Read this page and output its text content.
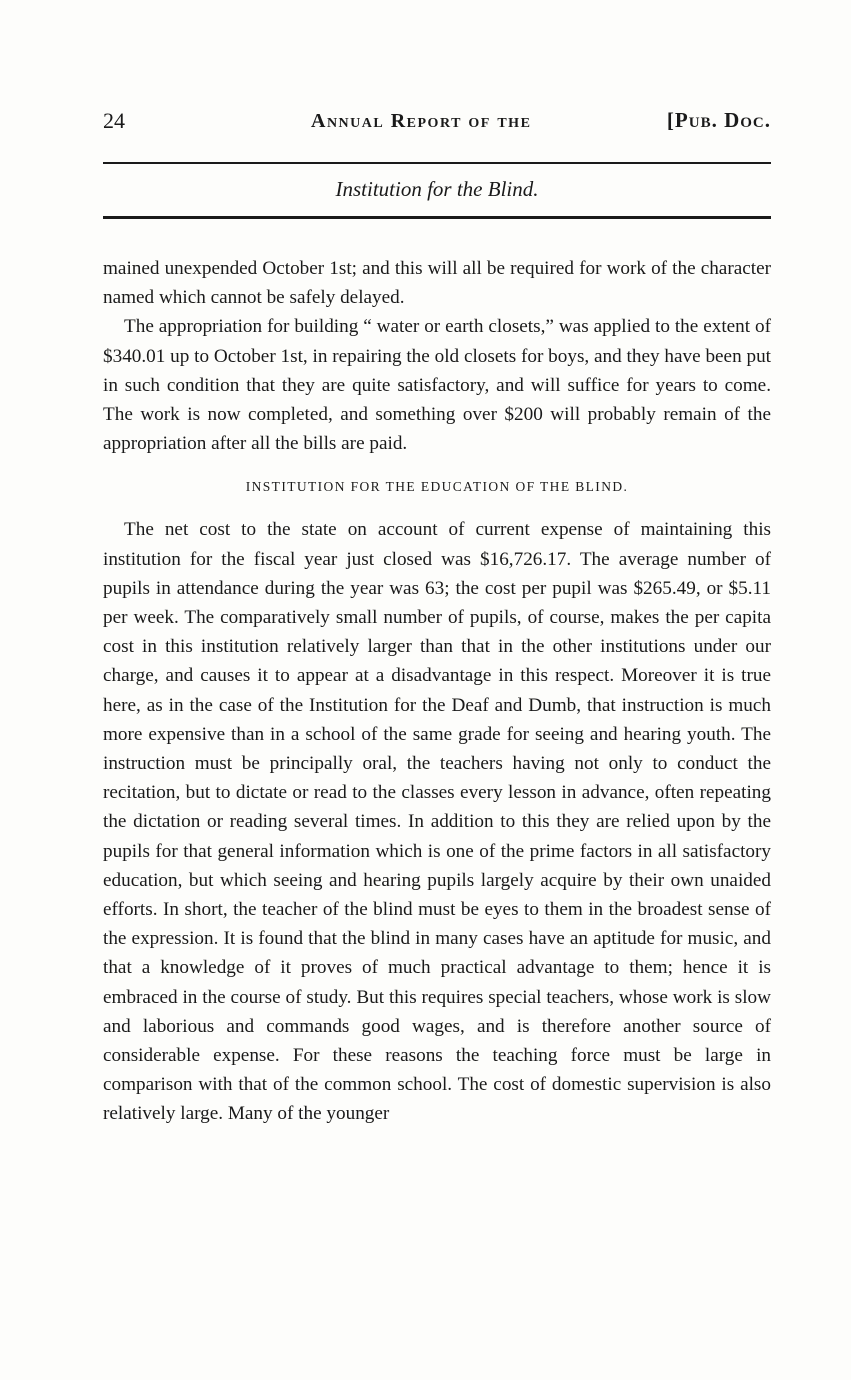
24	Annual Report of the	[Pub. Doc.
Institution for the Blind.

mained unexpended October 1st; and this will all be required for work of the character named which cannot be safely delayed.

The appropriation for building “ water or earth closets,” was applied to the extent of $340.01 up to October 1st, in repairing the old closets for boys, and they have been put in such condition that they are quite satisfactory, and will suffice for years to come. The work is now completed, and something over $200 will probably remain of the appropriation after all the bills are paid.

INSTITUTION FOR THE EDUCATION OF THE BLIND.

The net cost to the state on account of current expense of maintaining this institution for the fiscal year just closed was $16,726.17. The average number of pupils in attendance during the year was 63; the cost per pupil was $265.49, or $5.11 per week. The comparatively small number of pupils, of course, makes the per capita cost in this institution relatively larger than that in the other institutions under our charge, and causes it to appear at a disadvantage in this respect. Moreover it is true here, as in the case of the Institution for the Deaf and Dumb, that instruction is much more expensive than in a school of the same grade for seeing and hearing youth. The instruction must be principally oral, the teachers having not only to conduct the recitation, but to dictate or read to the classes every lesson in advance, often repeating the dictation or reading several times. In addition to this they are relied upon by the pupils for that general information which is one of the prime factors in all satisfactory education, but which seeing and hearing pupils largely acquire by their own unaided efforts. In short, the teacher of the blind must be eyes to them in the broadest sense of the expression. It is found that the blind in many cases have an aptitude for music, and that a knowledge of it proves of much practical advantage to them; hence it is embraced in the course of study. But this requires special teachers, whose work is slow and laborious and commands good wages, and is therefore another source of considerable expense. For these reasons the teaching force must be large in comparison with that of the common school. The cost of domestic supervision is also relatively large. Many of the younger
